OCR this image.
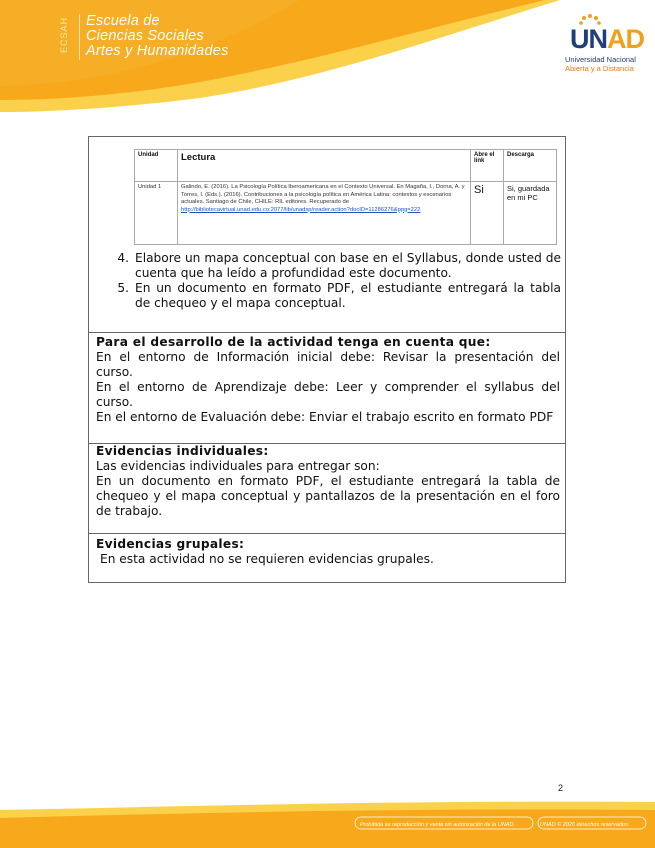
ECSAH Escuela de
Ciencias Sociales
Artes y Humanidades	UNAD
Universidad Nacional
Abierta y a Distancia
Unidad	Lectura	Abre el link	Descarga
Unidad 1	Galindo, E. (2016). La Psicología Política Iberoamericana en el Contexto Universal. En Magaña, I., Dorna, A. y Torres, I. (Eds.). (2016). Contribuciones a la psicología política en América Latina: contextos y escenarios actuales. Santiago de Chile, CHILE: RIL editores. Recuperado de http://bibliotecavirtual.unad.edu.co:2077/lib/unadsp/reader.action?docID=11286276&ppg=222	Si	Si, guardada en mi PC
4. Elabore un mapa conceptual con base en el Syllabus, donde usted de cuenta que ha leído a profundidad este documento.
5. En un documento en formato PDF, el estudiante entregará la tabla de chequeo y el mapa conceptual.
Para el desarrollo de la actividad tenga en cuenta que:
En el entorno de Información inicial debe: Revisar la presentación del curso.
En el entorno de Aprendizaje debe: Leer y comprender el syllabus del curso.
En el entorno de Evaluación debe: Enviar el trabajo escrito en formato PDF
Evidencias individuales:
Las evidencias individuales para entregar son:
En un documento en formato PDF, el estudiante entregará la tabla de chequeo y el mapa conceptual y pantallazos de la presentación en el foro de trabajo.
Evidencias grupales:
En esta actividad no se requieren evidencias grupales.
2
Prohibida su reproducción y venta sin autorización de la UNAD.	UNAD © 2020 derechos reservados.
